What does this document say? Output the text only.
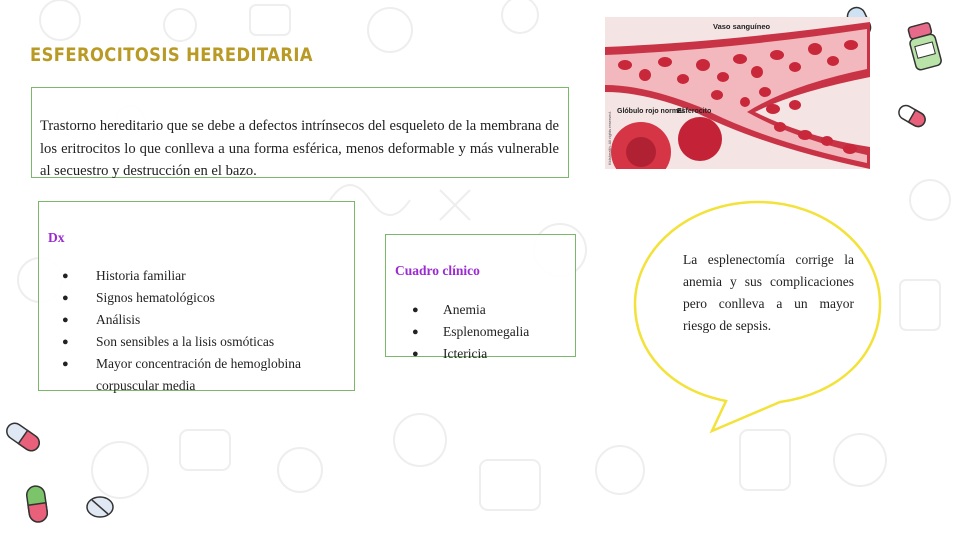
ESFEROCITOSIS HEREDITARIA

Trastorno hereditario que se debe a defectos intrínsecos del esqueleto de la membrana de los eritrocitos lo que conlleva a una forma esférica, menos deformable y más vulnerable al secuestro y destrucción en el bazo.

Vaso sanguíneo
Glóbulo rojo normal
Esferocito
Kidshealth. All rights reserved.
Dx
● Historia familiar
● Signos hematológicos
● Análisis
● Son sensibles a la lisis osmóticas
● Mayor concentración de hemoglobina corpuscular media
Cuadro clínico
● Anemia
● Esplenomegalia
● Ictericia

La esplenectomía corrige la anemia y sus complicaciones pero conlleva a un mayor riesgo de sepsis.
